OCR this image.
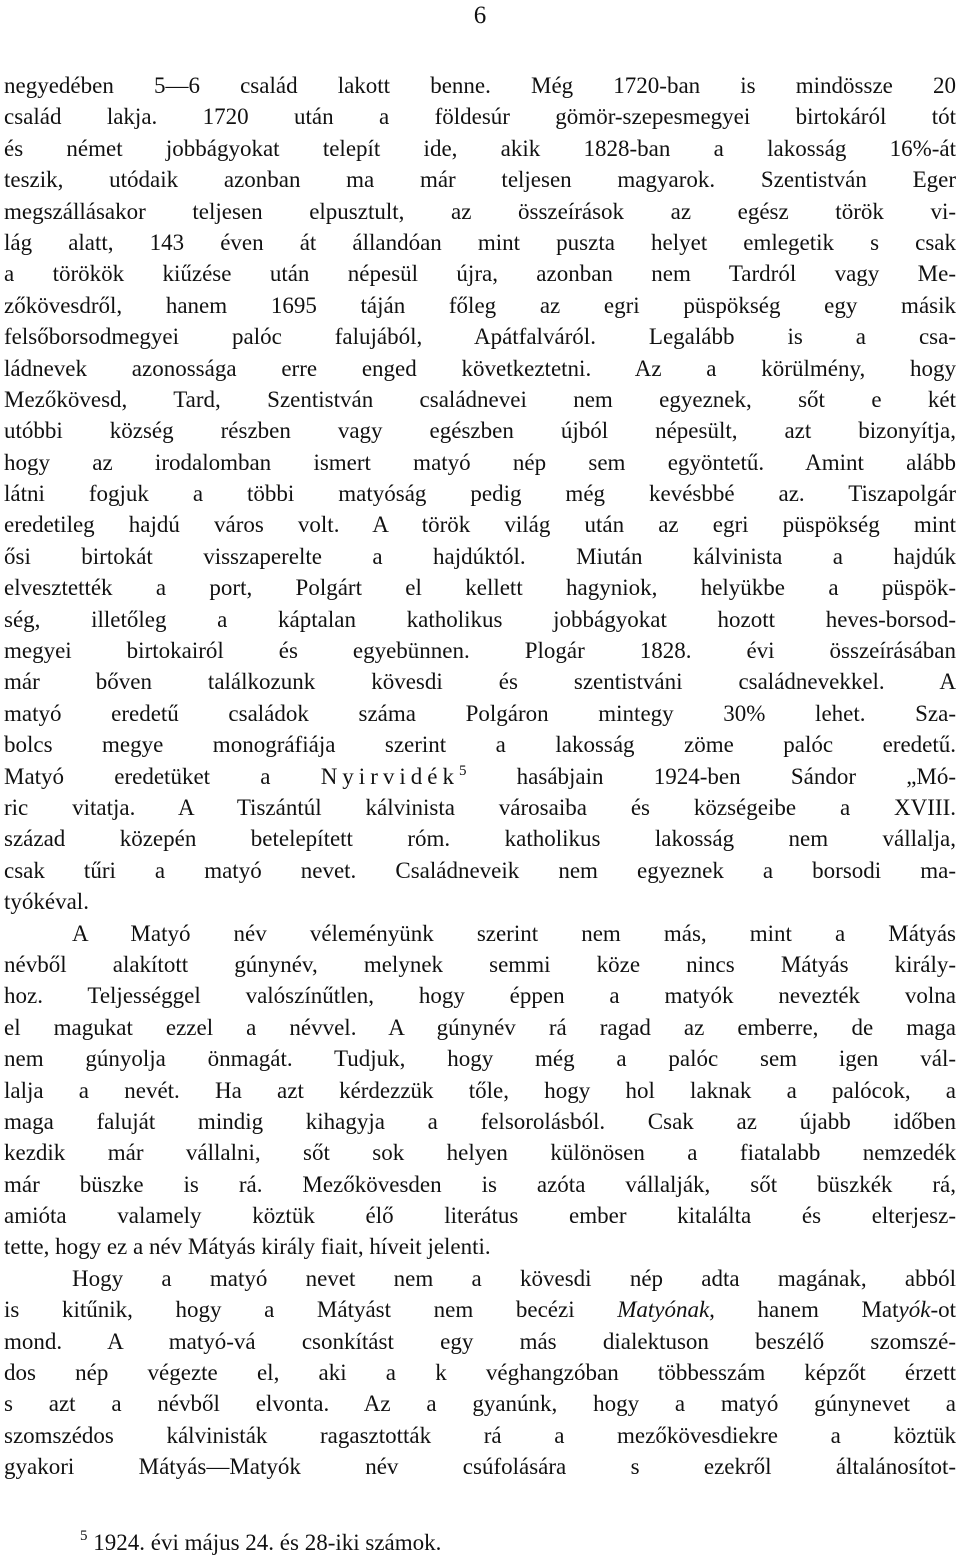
6
negyedében 5—6 család lakott benne. Még 1720-ban is mindössze 20
család lakja. 1720 után a földesúr gömör-szepesmegyei birtokáról tót
és német jobbágyokat telepít ide, akik 1828-ban a lakosság 16%-át
teszik, utódaik azonban ma már teljesen magyarok. Szentistván Eger
megszállásakor teljesen elpusztult, az összeírások az egész török vi-
lág alatt, 143 éven át állandóan mint puszta helyet emlegetik s csak
a törökök kiűzése után népesül újra, azonban nem Tardról vagy Me-
zőkövesdről, hanem 1695 táján főleg az egri püspökség egy másik
felsőborsodmegyei palóc falujából, Apátfalváról. Legalább is a csa-
ládnevek azonossága erre enged következtetni. Az a körülmény, hogy
Mezőkövesd, Tard, Szentistván családnevei nem egyeznek, sőt e két
utóbbi község részben vagy egészben újból népesült, azt bizonyítja,
hogy az irodalomban ismert matyó nép sem egyöntetű. Amint alább
látni fogjuk a többi matyóság pedig még kevésbbé az. Tiszapolgár
eredetileg hajdú város volt. A török világ után az egri püspökség mint
ősi birtokát visszaperelte a hajdúktól. Miután kálvinista a hajdúk
elvesztették a port, Polgárt el kellett hagyniok, helyükbe a püspök-
ség, illetőleg a káptalan katholikus jobbágyokat hozott heves-borsod-
megyei birtokairól és egyebünnen. Plogár 1828. évi összeírásában
már bőven találkozunk kövesdi és szentistváni családnevekkel. A
matyó eredetű családok száma Polgáron mintegy 30% lehet. Sza-
bolcs megye monográfiája szerint a lakosság zöme palóc eredetű.
Matyó eredetüket a Nyirvidék$^5$ hasábjain 1924-ben Sándor „Mó-
ric vitatja. A Tiszántúl kálvinista városaiba és községeibe a XVIII.
század közepén betelepített róm. katholikus lakosság nem vállalja,
csak tűri a matyó nevet. Családneveik nem egyeznek a borsodi ma-
tyókéval.
A Matyó név véleményünk szerint nem más, mint a Mátyás
névből alakított gúnynév, melynek semmi köze nincs Mátyás király-
hoz. Teljességgel valószínűtlen, hogy éppen a matyók nevezték volna
el magukat ezzel a névvel. A gúnynév rá ragad az emberre, de maga
nem gúnyolja önmagát. Tudjuk, hogy még a palóc sem igen vál-
lalja a nevét. Ha azt kérdezzük tőle, hogy hol laknak a palócok, a
maga faluját mindig kihagyja a felsorolásból. Csak az újabb időben
kezdik már vállalni, sőt sok helyen különösen a fiatalabb nemzedék
már büszke is rá. Mezőkövesden is azóta vállalják, sőt büszkék rá,
amióta valamely köztük élő literátus ember kitalálta és elterjesz-
tette, hogy ez a név Mátyás király fiait, híveit jelenti.
Hogy a matyó nevet nem a kövesdi nép adta magának, abból
is kitűnik, hogy a Mátyást nem becézi Matyónak, hanem Matyók-ot
mond. A matyó-vá csonkítást egy más dialektuson beszélő szomszé-
dos nép végezte el, aki a k véghangzóban többesszám képzőt érzett
s azt a névből elvonta. Az a gyanúnk, hogy a matyó gúnynevet a
szomszédos kálvinisták ragasztották rá a mezőkövesdiekre a köztük
gyakori Mátyás—Matyók név csúfolására s ezekről általánosítot-
$^5$ 1924. évi május 24. és 28-iki számok.
